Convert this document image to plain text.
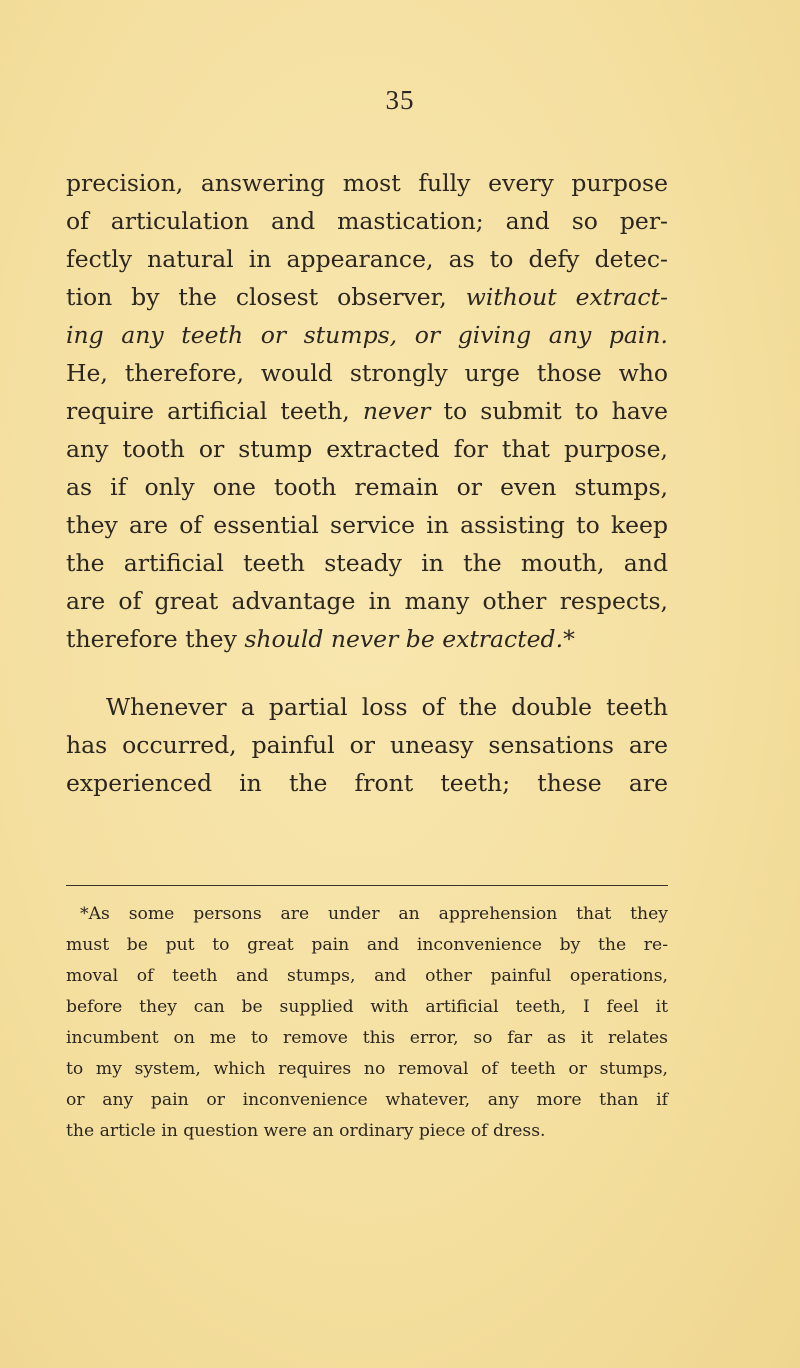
35
precision, answering most fully every purpose
of articulation and mastication; and so per-
fectly natural in appearance, as to defy detec-
tion by the closest observer, without extract-
ing any teeth or stumps, or giving any pain.
He, therefore, would strongly urge those who
require artificial teeth, never to submit to have
any tooth or stump extracted for that purpose,
as if only one tooth remain or even stumps,
they are of essential service in assisting to keep
the artificial teeth steady in the mouth, and
are of great advantage in many other respects,
therefore they should never be extracted.*
Whenever a partial loss of the double teeth
has occurred, painful or uneasy sensations are
experienced in the front teeth; these are
*As some persons are under an apprehension that they
must be put to great pain and inconvenience by the re-
moval of teeth and stumps, and other painful operations,
before they can be supplied with artificial teeth, I feel it
incumbent on me to remove this error, so far as it relates
to my system, which requires no removal of teeth or stumps,
or any pain or inconvenience whatever, any more than if
the article in question were an ordinary piece of dress.
